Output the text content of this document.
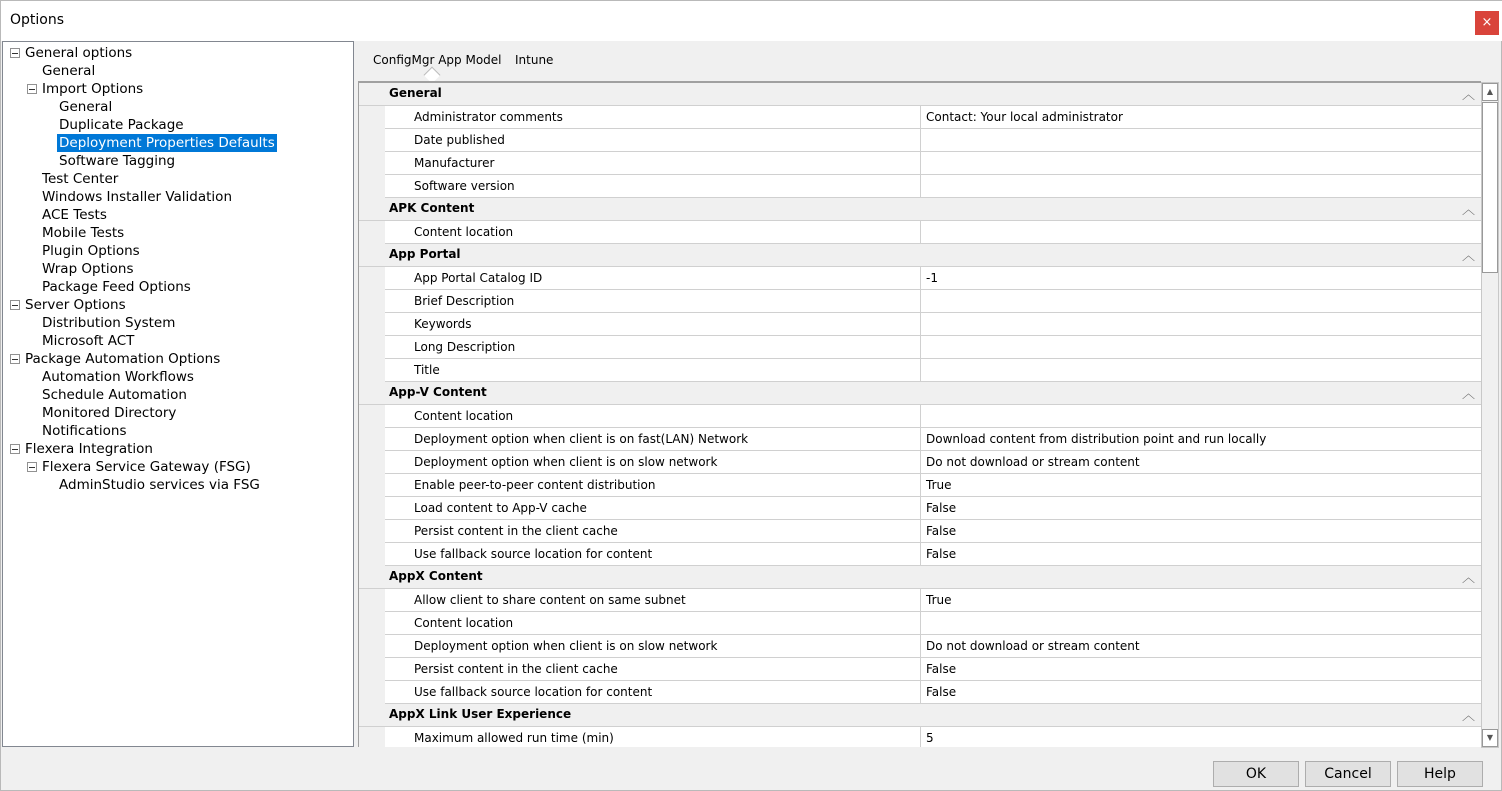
Options	×
General options
General
Import Options
General
Duplicate Package
Deployment Properties Defaults
Software Tagging
Test Center
Windows Installer Validation
ACE Tests
Mobile Tests
Plugin Options
Wrap Options
Package Feed Options
Server Options
Distribution System
Microsoft ACT
Package Automation Options
Automation Workflows
Schedule Automation
Monitored Directory
Notifications
Flexera Integration
Flexera Service Gateway (FSG)
AdminStudio services via FSG
ConfigMgr App Model Intune
General	︿
Administrator comments	Contact: Your local administrator
Date published
Manufacturer
Software version
APK Content	︿
Content location
App Portal	︿
App Portal Catalog ID	-1
Brief Description
Keywords
Long Description
Title
App-V Content	︿
Content location
Deployment option when client is on fast(LAN) Network	Download content from distribution point and run locally
Deployment option when client is on slow network	Do not download or stream content
Enable peer-to-peer content distribution	True
Load content to App-V cache	False
Persist content in the client cache	False
Use fallback source location for content	False
AppX Content	︿
Allow client to share content on same subnet	True
Content location
Deployment option when client is on slow network	Do not download or stream content
Persist content in the client cache	False
Use fallback source location for content	False
AppX Link User Experience	︿
Maximum allowed run time (min)	5
▲
▼
OK	Cancel	Help
